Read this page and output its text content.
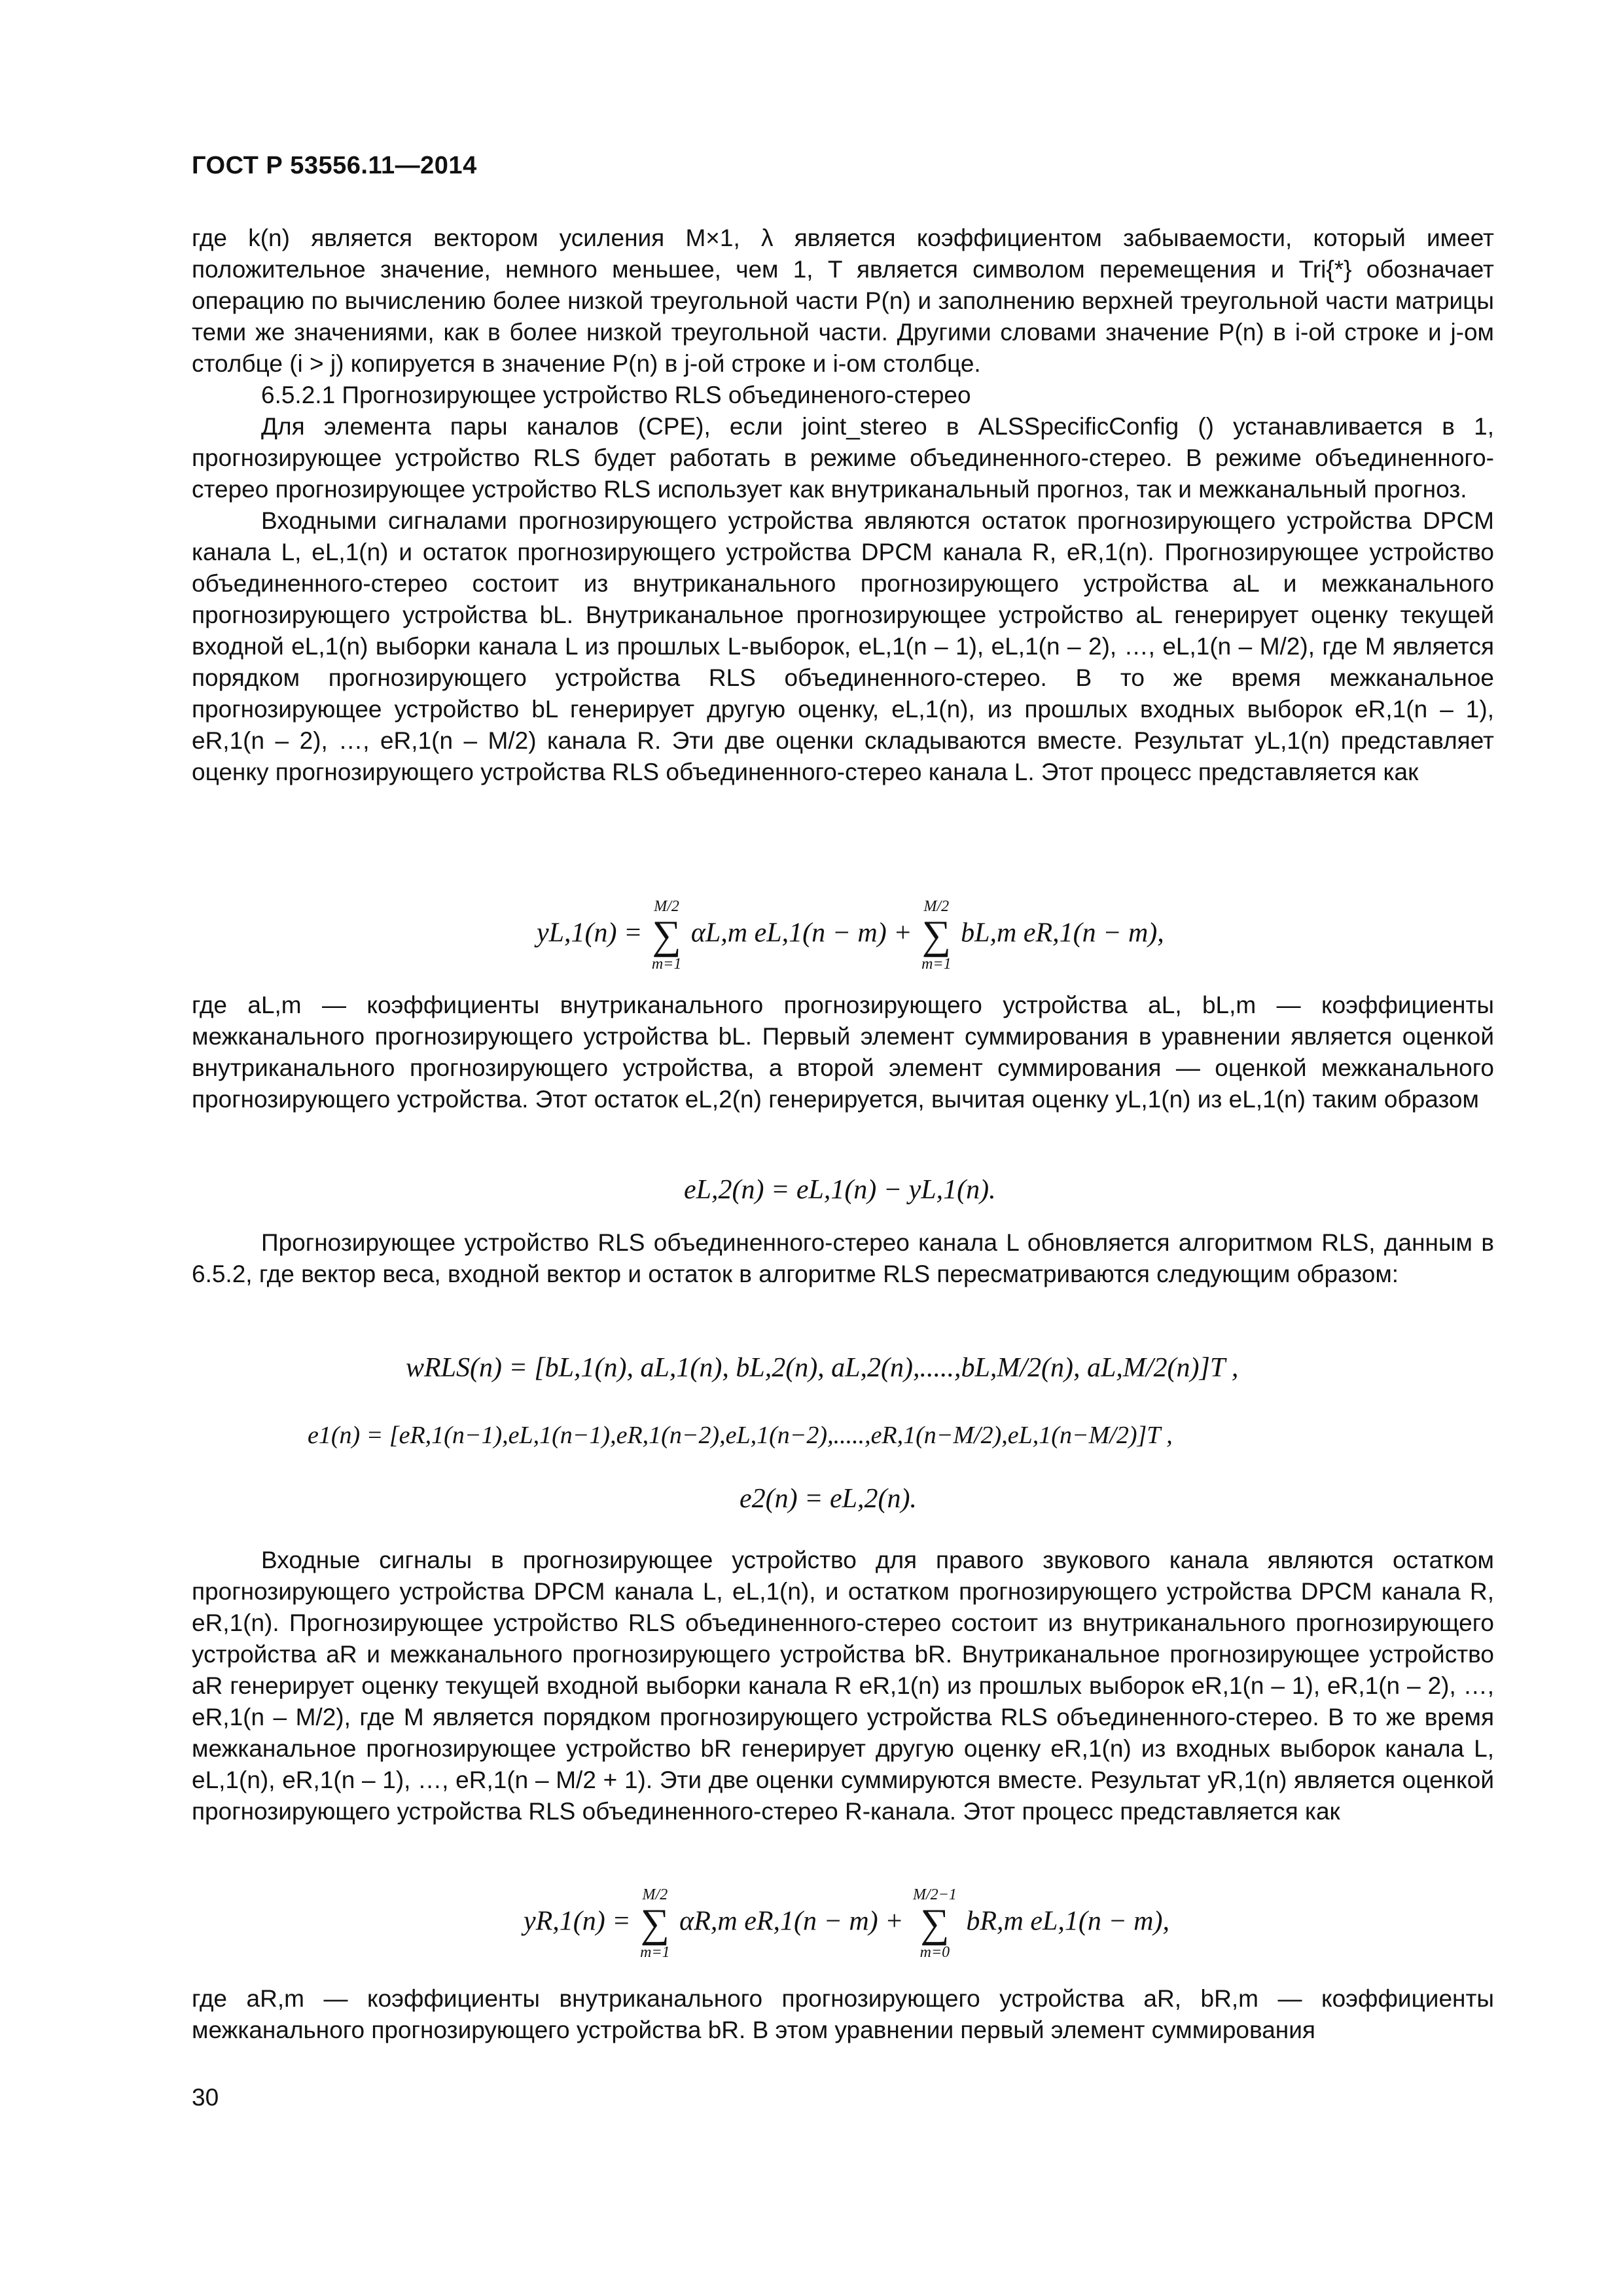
ГОСТ Р 53556.11—2014

где k(n) является вектором усиления M×1, λ является коэффициентом забываемости, который имеет положительное значение, немного меньшее, чем 1, T является символом перемещения и Tri{*} обозначает операцию по вычислению более низкой треугольной части P(n) и заполнению верхней треугольной части матрицы теми же значениями, как в более низкой треугольной части. Другими словами значение P(n) в i-ой строке и j-ом столбце (i > j) копируется в значение P(n) в j-ой строке и i-ом столбце.

6.5.2.1 Прогнозирующее устройство RLS объединеного-стерео

Для элемента пары каналов (CPE), если joint_stereo в ALSSpecificConfig () устанавливается в 1, прогнозирующее устройство RLS будет работать в режиме объединенного-стерео. В режиме объединенного-стерео прогнозирующее устройство RLS использует как внутриканальный прогноз, так и межканальный прогноз.

Входными сигналами прогнозирующего устройства являются остаток прогнозирующего устройства DPCM канала L, eL,1(n) и остаток прогнозирующего устройства DPCM канала R, eR,1(n). Прогнозирующее устройство объединенного-стерео состоит из внутриканального прогнозирующего устройства aL и межканального прогнозирующего устройства bL. Внутриканальное прогнозирующее устройство aL генерирует оценку текущей входной eL,1(n) выборки канала L из прошлых L-выборок, eL,1(n – 1), eL,1(n – 2), …, eL,1(n – M/2), где M является порядком прогнозирующего устройства RLS объединенного-стерео. В то же время межканальное прогнозирующее устройство bL генерирует другую оценку, eL,1(n), из прошлых входных выборок eR,1(n – 1), eR,1(n – 2), …, eR,1(n – M/2) канала R. Эти две оценки складываются вместе. Результат yL,1(n) представляет оценку прогнозирующего устройства RLS объединенного-стерео канала L. Этот процесс представляется как

yL,1(n) =
M/2
∑
m=1
αL,m eL,1(n − m) +
M/2
∑
m=1
bL,m eR,1(n − m),

где aL,m — коэффициенты внутриканального прогнозирующего устройства aL, bL,m — коэффициенты межканального прогнозирующего устройства bL. Первый элемент суммирования в уравнении является оценкой внутриканального прогнозирующего устройства, а второй элемент суммирования — оценкой межканального прогнозирующего устройства. Этот остаток eL,2(n) генерируется, вычитая оценку yL,1(n) из eL,1(n) таким образом

eL,2(n) = eL,1(n) − yL,1(n).

Прогнозирующее устройство RLS объединенного-стерео канала L обновляется алгоритмом RLS, данным в 6.5.2, где вектор веса, входной вектор и остаток в алгоритме RLS пересматриваются следующим образом:

wRLS(n) = [bL,1(n), aL,1(n), bL,2(n), aL,2(n),.....,bL,M/2(n), aL,M/2(n)]T ,
e1(n) = [eR,1(n−1),eL,1(n−1),eR,1(n−2),eL,1(n−2),.....,eR,1(n−M/2),eL,1(n−M/2)]T ,
e2(n) = eL,2(n).

Входные сигналы в прогнозирующее устройство для правого звукового канала являются остатком прогнозирующего устройства DPCM канала L, eL,1(n), и остатком прогнозирующего устройства DPCM канала R, eR,1(n). Прогнозирующее устройство RLS объединенного-стерео состоит из внутриканального прогнозирующего устройства aR и межканального прогнозирующего устройства bR. Внутриканальное прогнозирующее устройство aR генерирует оценку текущей входной выборки канала R eR,1(n) из прошлых выборок eR,1(n – 1), eR,1(n – 2), …, eR,1(n – M/2), где M является порядком прогнозирующего устройства RLS объединенного-стерео. В то же время межканальное прогнозирующее устройство bR генерирует другую оценку eR,1(n) из входных выборок канала L, eL,1(n), eR,1(n – 1), …, eR,1(n – M/2 + 1). Эти две оценки суммируются вместе. Результат yR,1(n) является оценкой прогнозирующего устройства RLS объединенного-стерео R-канала. Этот процесс представляется как

yR,1(n) =
M/2
∑
m=1
αR,m eR,1(n − m) +
M/2−1
∑
m=0
bR,m eL,1(n − m),

где aR,m — коэффициенты внутриканального прогнозирующего устройства aR, bR,m — коэффициенты межканального прогнозирующего устройства bR. В этом уравнении первый элемент суммирования

30
